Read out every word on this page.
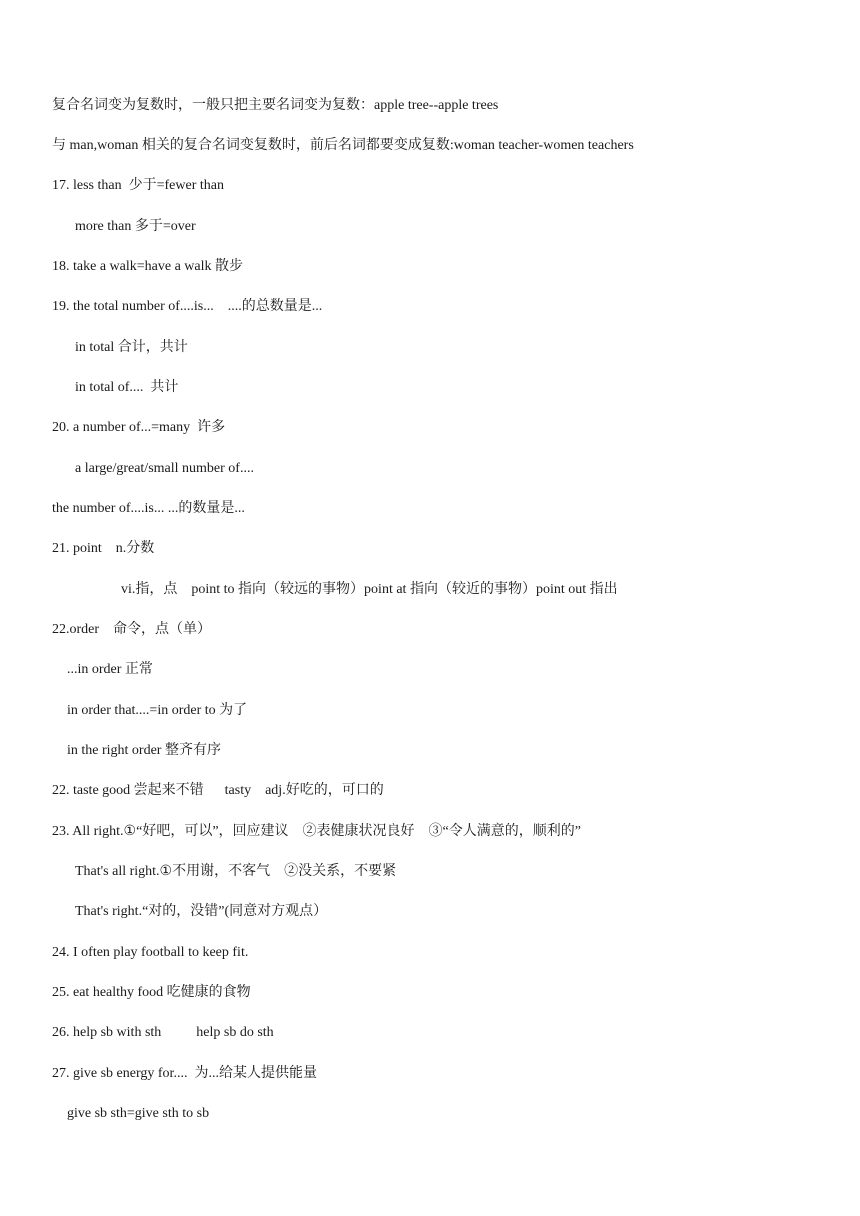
复合名词变为复数时，一般只把主要名词变为复数：apple tree--apple trees
与 man,woman 相关的复合名词变复数时，前后名词都要变成复数:woman teacher-women teachers
17. less than  少于=fewer than
more than 多于=over
18. take a walk=have a walk 散步
19. the total number of....is...    ....的总数量是...
in total 合计，共计
in total of....  共计
20. a number of...=many  许多
a large/great/small number of....
the number of....is... ...的数量是...
21. point    n.分数
vi.指，点    point to 指向（较远的事物）point at 指向（较近的事物）point out 指出
22.order    命令，点（单）
...in order 正常
in order that....=in order to 为了
in the right order 整齐有序
22. taste good 尝起来不错      tasty    adj.好吃的，可口的
23. All right.①“好吧，可以”，回应建议    ②表健康状况良好    ③“令人满意的，顺利的”
That's all right.①不用谢，不客气    ②没关系，不要紧
That's right.“对的，没错”(同意对方观点）
24. I often play football to keep fit.
25. eat healthy food 吃健康的食物
26. help sb with sth          help sb do sth
27. give sb energy for....  为...给某人提供能量
give sb sth=give sth to sb
